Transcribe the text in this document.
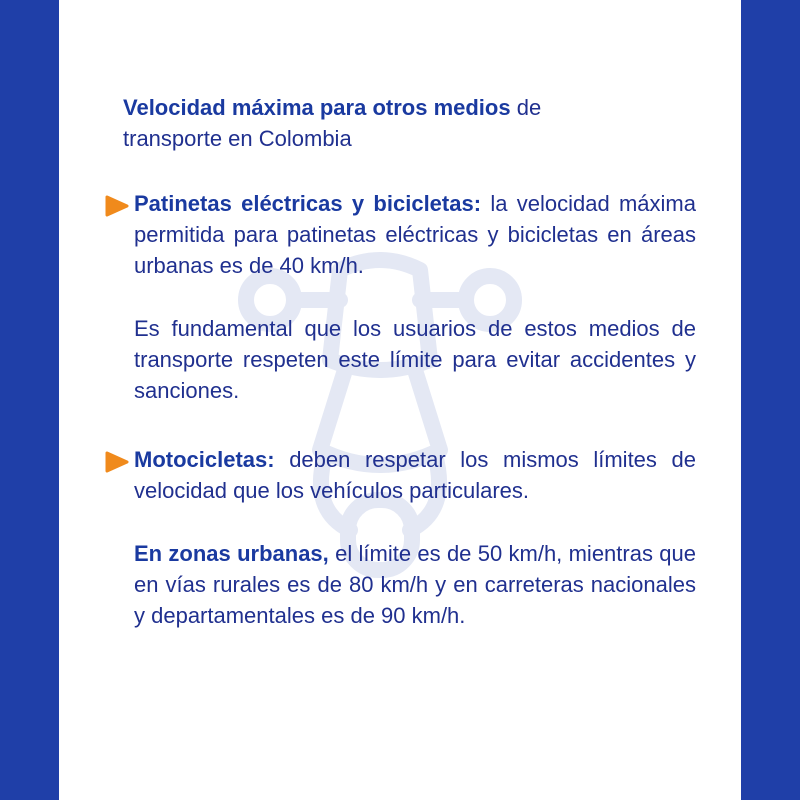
Velocidad máxima para otros medios de
transporte en Colombia

Patinetas eléctricas y bicicletas: la velocidad máxima permitida para patinetas eléctricas y bicicletas en áreas urbanas es de 40 km/h.

Es fundamental que los usuarios de estos medios de transporte respeten este límite para evitar accidentes y sanciones.

Motocicletas: deben respetar los mismos límites de velocidad que los vehículos particulares.

En zonas urbanas, el límite es de 50 km/h, mientras que en vías rurales es de 80 km/h y en carreteras nacionales y departamentales es de 90 km/h.
